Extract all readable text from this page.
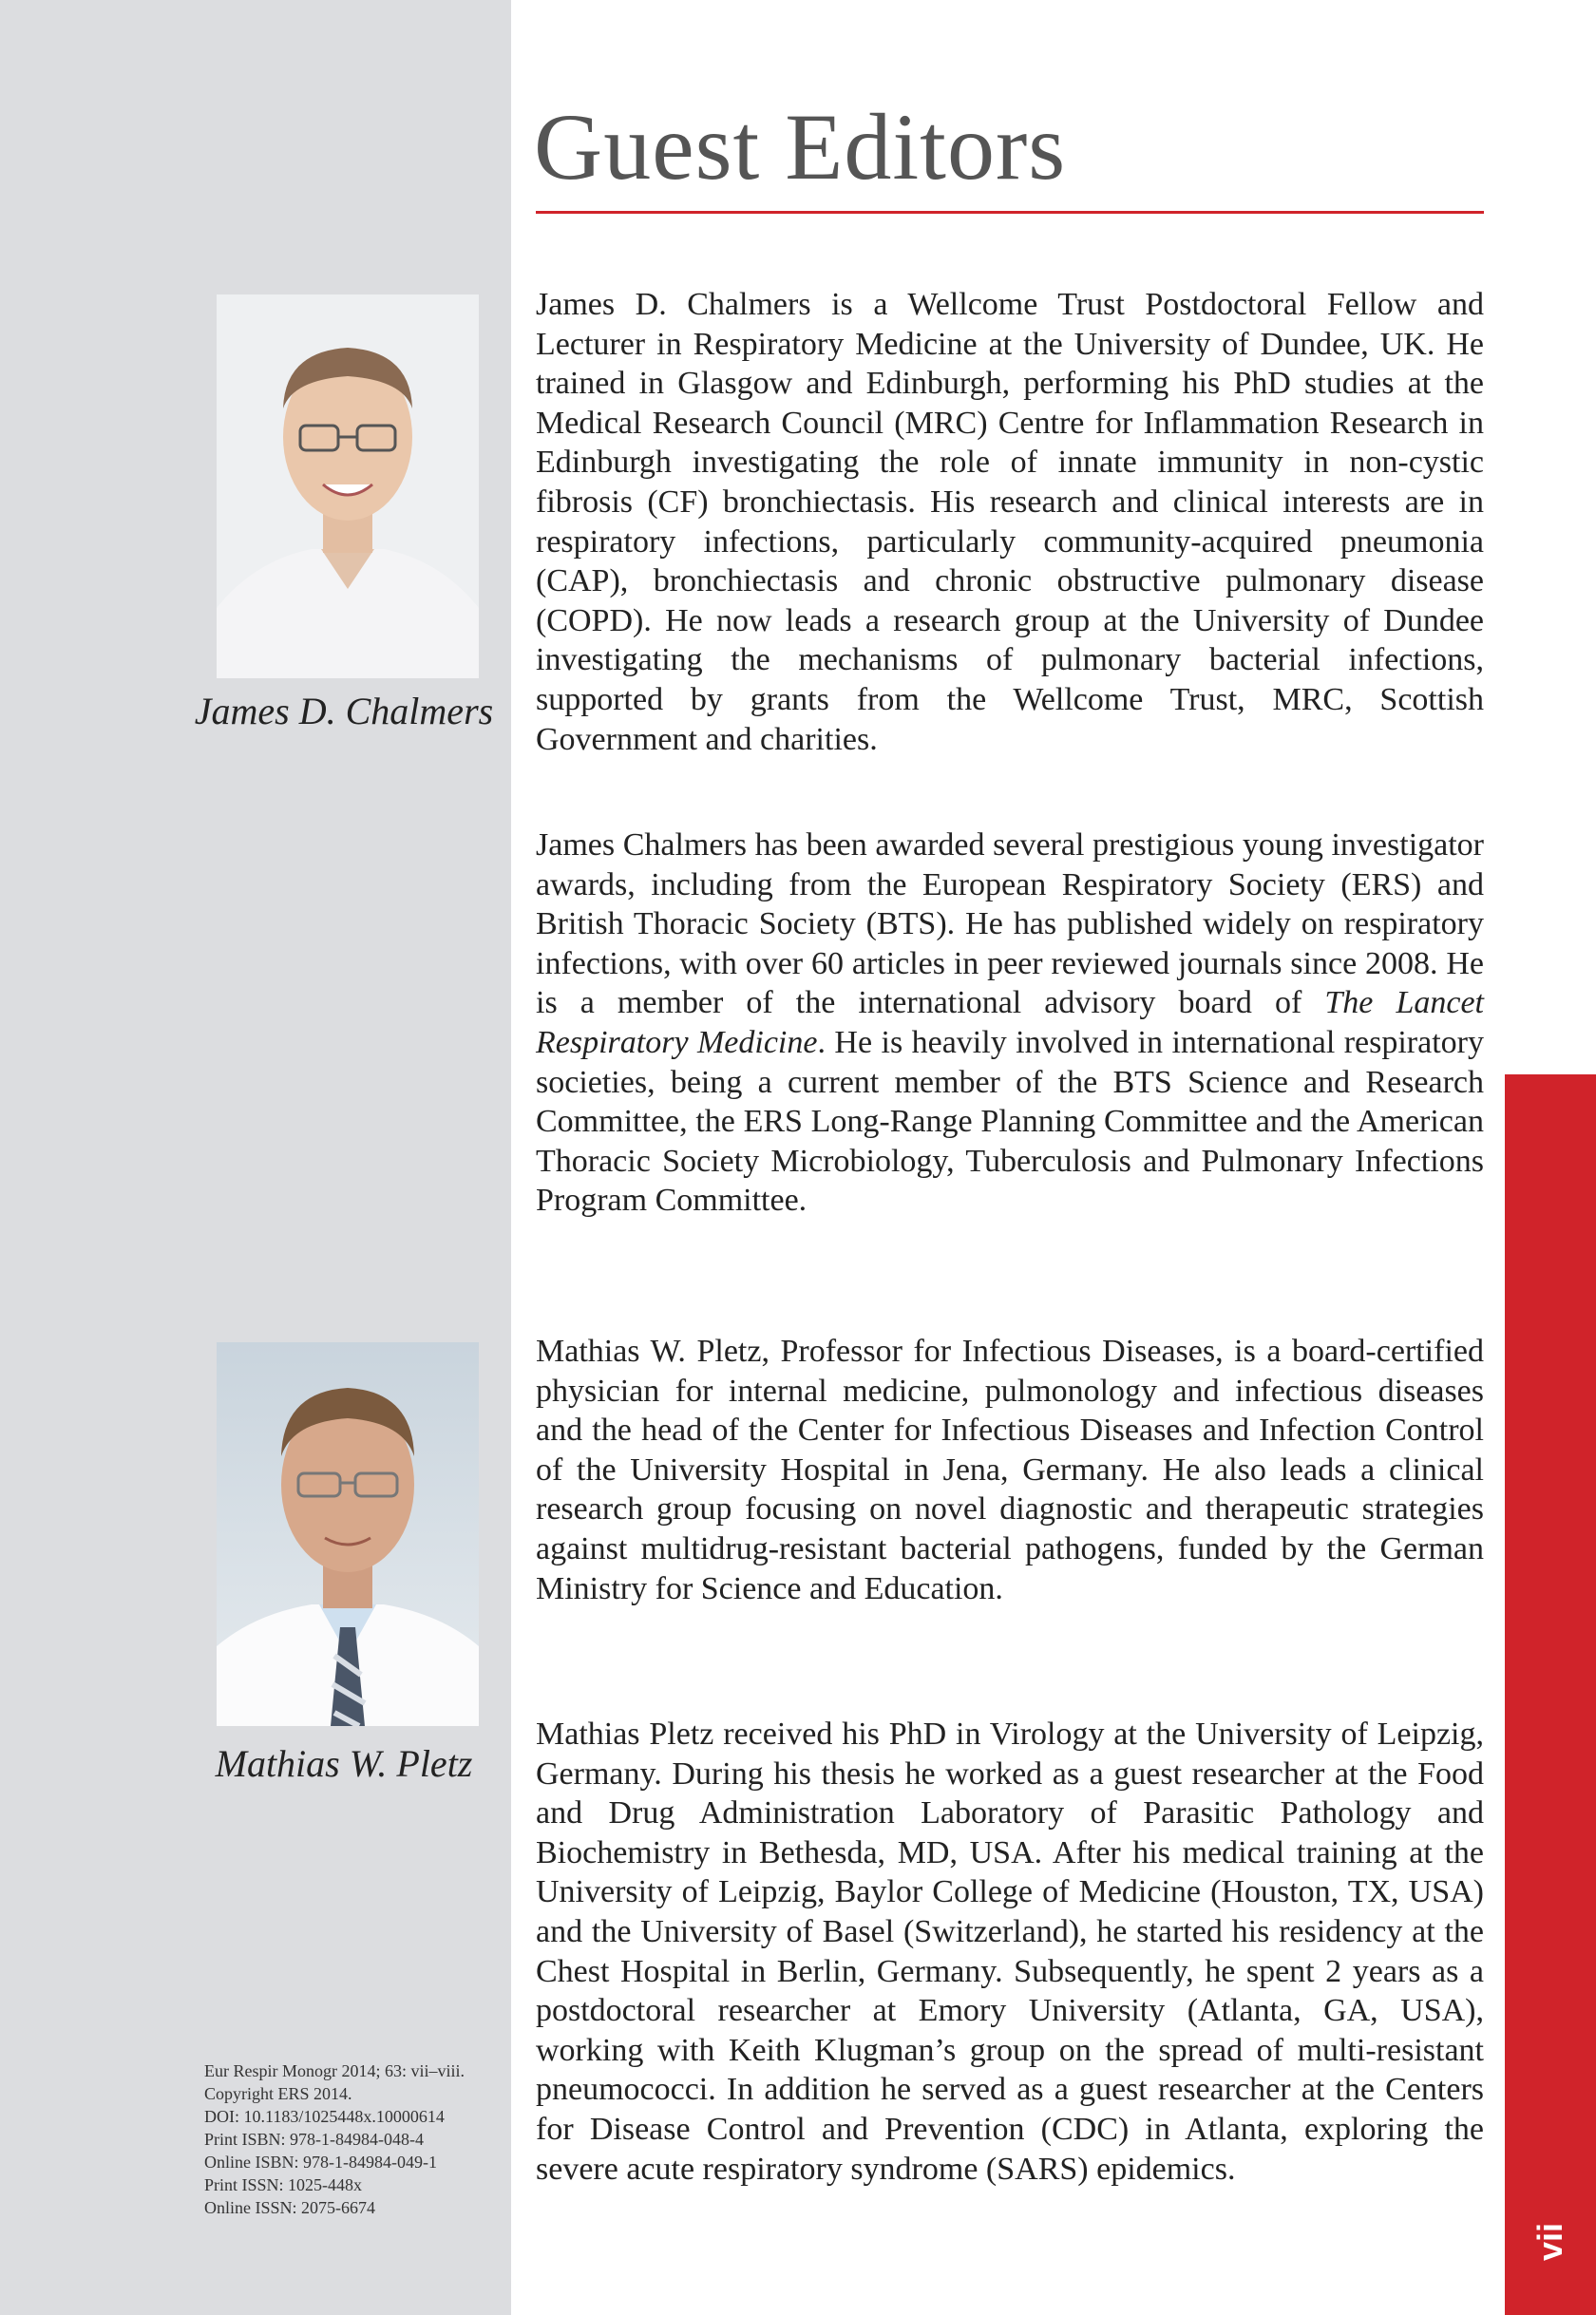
vii
Guest Editors
James D. Chalmers

James D. Chalmers is a Wellcome Trust Postdoctoral Fellow and Lecturer in Respiratory Medicine at the University of Dundee, UK. He trained in Glasgow and Edinburgh, performing his PhD studies at the Medical Research Council (MRC) Centre for Inflammation Research in Edinburgh investigating the role of innate immunity in non-cystic fibrosis (CF) bronchiectasis. His research and clinical interests are in respiratory infections, particularly community-acquired pneumonia (CAP), bronchiectasis and chronic obstructive pulmonary disease (COPD). He now leads a research group at the University of Dundee investigating the mechanisms of pulmonary bacterial infections, supported by grants from the Wellcome Trust, MRC, Scottish Government and charities.

James Chalmers has been awarded several prestigious young investigator awards, including from the European Respiratory Society (ERS) and British Thoracic Society (BTS). He has published widely on respiratory infections, with over 60 articles in peer reviewed journals since 2008. He is a member of the international advisory board of The Lancet Respiratory Medicine. He is heavily involved in international respiratory societies, being a current member of the BTS Science and Research Committee, the ERS Long-Range Planning Committee and the American Thoracic Society Microbiology, Tuberculosis and Pulmonary Infections Program Committee.

Mathias W. Pletz

Mathias W. Pletz, Professor for Infectious Diseases, is a board-certified physician for internal medicine, pulmonology and infectious diseases and the head of the Center for Infectious Diseases and Infection Control of the University Hospital in Jena, Germany. He also leads a clinical research group focusing on novel diagnostic and therapeutic strategies against multidrug-resistant bacterial pathogens, funded by the German Ministry for Science and Education.

Mathias Pletz received his PhD in Virology at the University of Leipzig, Germany. During his thesis he worked as a guest researcher at the Food and Drug Administration Laboratory of Parasitic Pathology and Biochemistry in Bethesda, MD, USA. After his medical training at the University of Leipzig, Baylor College of Medicine (Houston, TX, USA) and the University of Basel (Switzerland), he started his residency at the Chest Hospital in Berlin, Germany. Subsequently, he spent 2 years as a postdoctoral researcher at Emory University (Atlanta, GA, USA), working with Keith Klugman’s group on the spread of multi-resistant pneumococci. In addition he served as a guest researcher at the Centers for Disease Control and Prevention (CDC) in Atlanta, exploring the severe acute respiratory syndrome (SARS) epidemics.

Eur Respir Monogr 2014; 63: vii–viii.
Copyright ERS 2014.
DOI: 10.1183/1025448x.10000614
Print ISBN: 978-1-84984-048-4
Online ISBN: 978-1-84984-049-1
Print ISSN: 1025-448x
Online ISSN: 2075-6674
